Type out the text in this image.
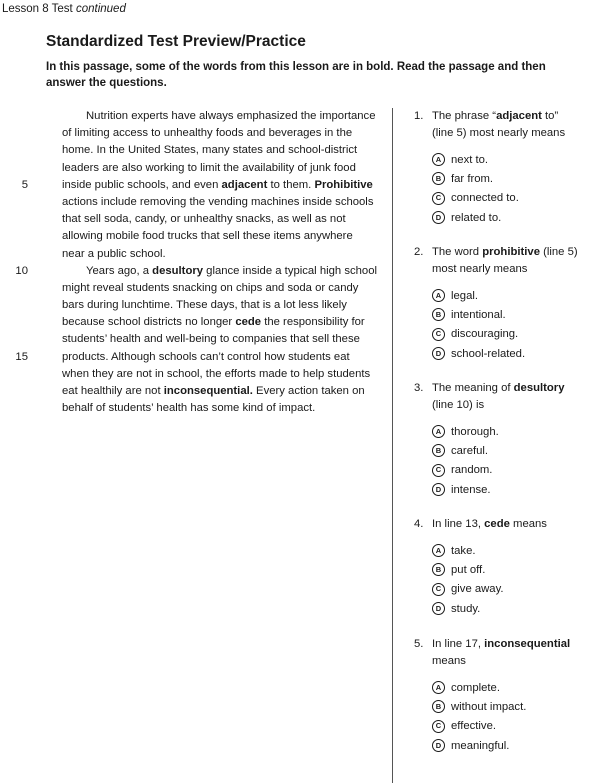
Lesson 8 Test continued
Standardized Test Preview/Practice
In this passage, some of the words from this lesson are in bold. Read the passage and then answer the questions.
Nutrition experts have always emphasized the importance
of limiting access to unhealthy foods and beverages in the
home. In the United States, many states and school-district
leaders are also working to limit the availability of junk food
5	inside public schools, and even adjacent to them. Prohibitive
actions include removing the vending machines inside schools
that sell soda, candy, or unhealthy snacks, as well as not
allowing mobile food trucks that sell these items anywhere
near a public school.
10	Years ago, a desultory glance inside a typical high school
might reveal students snacking on chips and soda or candy
bars during lunchtime. These days, that is a lot less likely
because school districts no longer cede the responsibility for
students’ health and well-being to companies that sell these
15	products. Although schools can’t control how students eat
when they are not in school, the efforts made to help students
eat healthily are not inconsequential. Every action taken on
behalf of students’ health has some kind of impact.
1. The phrase “adjacent to”
(line 5) most nearly means
A next to.
B far from.
C connected to.
D related to.
2. The word prohibitive (line 5)
most nearly means
A legal.
B intentional.
C discouraging.
D school-related.
3. The meaning of desultory
(line 10) is
A thorough.
B careful.
C random.
D intense.
4. In line 13, cede means
A take.
B put off.
C give away.
D study.
5. In line 17, inconsequential
means
A complete.
B without impact.
C effective.
D meaningful.
